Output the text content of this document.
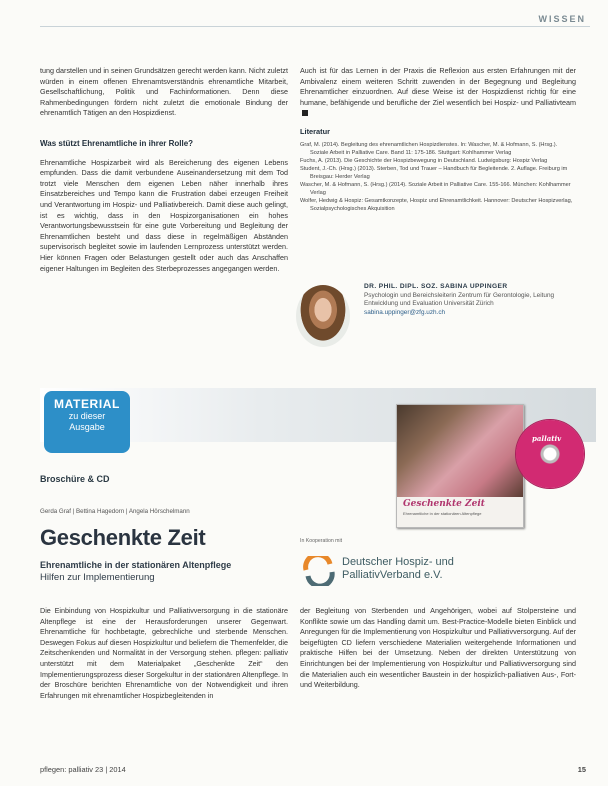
WISSEN

tung darstellen und in seinen Grundsätzen gerecht werden kann. Nicht zuletzt würden in einem offenen Ehrenamtsverständnis ehrenamtliche Mitarbeit, Gesellschaftlichung, Politik und Fachinformationen. Denn diese Rahmenbedingungen fördern nicht zuletzt die emotionale Bindung der ehrenamtlich Tätigen an den Hospizdienst.

Was stützt Ehrenamtliche in ihrer Rolle?

Ehrenamtliche Hospizarbeit wird als Bereicherung des eigenen Lebens empfunden. Dass die damit verbundene Auseinandersetzung mit dem Tod trotzt viele Menschen dem eigenen Leben näher innerhalb ihres Einsatzbereiches und Tempo kann die Frustration dabei erzeugen Freiheit und Verantwortung im Hospiz- und Palliativbereich. Damit diese auch gelingt, ist es wichtig, dass in den Hospizorganisationen ein hohes Verantwortungsbewusstsein für eine gute Vorbereitung und Begleitung der Ehrenamtlichen besteht und dass diese in regelmäßigen Abständen supervisorisch begleitet sowie im laufenden Lernprozess unterstützt werden. Hier können Fragen oder Belastungen gestellt oder auch das Anschaffen eigener Haltungen im Begleiten des Sterbeprozesses angegangen werden.

Auch ist für das Lernen in der Praxis die Reflexion aus ersten Erfahrungen mit der Ambivalenz einem weiteren Schritt zuwenden in der Begegnung und Begleitung Ehrenamtlicher einzuordnen. Auf diese Weise ist der Hospizdienst richtig für eine humane, befähigende und berufliche der Ziel wesentlich bei Hospiz- und Palliativteam

Literatur

Graf, M. (2014). Begleitung des ehrenamtlichen Hospizdienstes. In: Wascher, M. & Hofmann, S. (Hrsg.). Soziale Arbeit in Palliative Care. Band 11: 175-186. Stuttgart: Kohlhammer Verlag

Fuchs, A. (2013). Die Geschichte der Hospizbewegung in Deutschland. Ludwigsburg: Hospiz Verlag

Student, J.-Ch. (Hrsg.) (2013). Sterben, Tod und Trauer – Handbuch für Begleitende. 2. Auflage. Freiburg im Breisgau: Herder Verlag

Wascher, M. & Hofmann, S. (Hrsg.) (2014). Soziale Arbeit in Palliative Care. 155-166. München: Kohlhammer Verlag

Wolfer, Hedwig & Hospiz: Gesamtkonzepte, Hospiz und Ehrenamtlichkeit. Hannover: Deutscher Hospizverlag, Sozialpsychologisches Akquisition

DR. PHIL. DIPL. SOZ. SABINA UPPINGER
Psychologin und Bereichsleiterin Zentrum für Gerontologie, Leitung Entwicklung und Evaluation Universität Zürich
sabina.uppinger@zfg.uzh.ch
MATERIAL
zu dieser
Ausgabe
Broschüre & CD
Geschenkte Zeit
Ehrenamtliche in der stationären Altenpflege
pallativ
Gerda Graf | Bettina Hagedorn | Angela Hörschelmann
Geschenkte Zeit
Ehrenamtliche in der stationären Altenpflege
Hilfen zur Implementierung
In Kooperation mit
Deutscher Hospiz- und
PalliativVerband e.V.

Die Einbindung von Hospizkultur und Palliativversorgung in die stationäre Altenpflege ist eine der Herausforderungen unserer Gegenwart. Ehrenamtliche für hochbetagte, gebrechliche und sterbende Menschen. Deswegen Fokus auf diesen Hospizkultur und beliefern die Themenfelder, die Zeitschenkenden und Normalität in der Versorgung stehen. pflegen: palliativ unterstützt mit dem Materialpaket „Geschenkte Zeit“ den Implementierungsprozess dieser Sorgekultur in der stationären Altenpflege. In der Broschüre berichten Ehrenamtliche von der Notwendigkeit und ihren Erfahrungen mit ehrenamtlicher Hospizbegleitenden in

der Begleitung von Sterbenden und Angehörigen, wobei auf Stolpersteine und Konflikte sowie um das Handling damit um. Best-Practice-Modelle bieten Einblick und Anregungen für die Implementierung von Hospizkultur und Palliativversorgung. Auf der beigefügten CD liefern verschiedene Materialien weitergehende Informationen und praktische Hilfen bei der Umsetzung. Neben der direkten Unterstützung von Einrichtungen bei der Implementierung von Hospizkultur und Palliativversorgung sind die Materialien auch ein wesentlicher Baustein in der hospizlich-palliativen Aus-, Fort- und Weiterbildung.

pflegen: palliativ 23 | 2014	15
